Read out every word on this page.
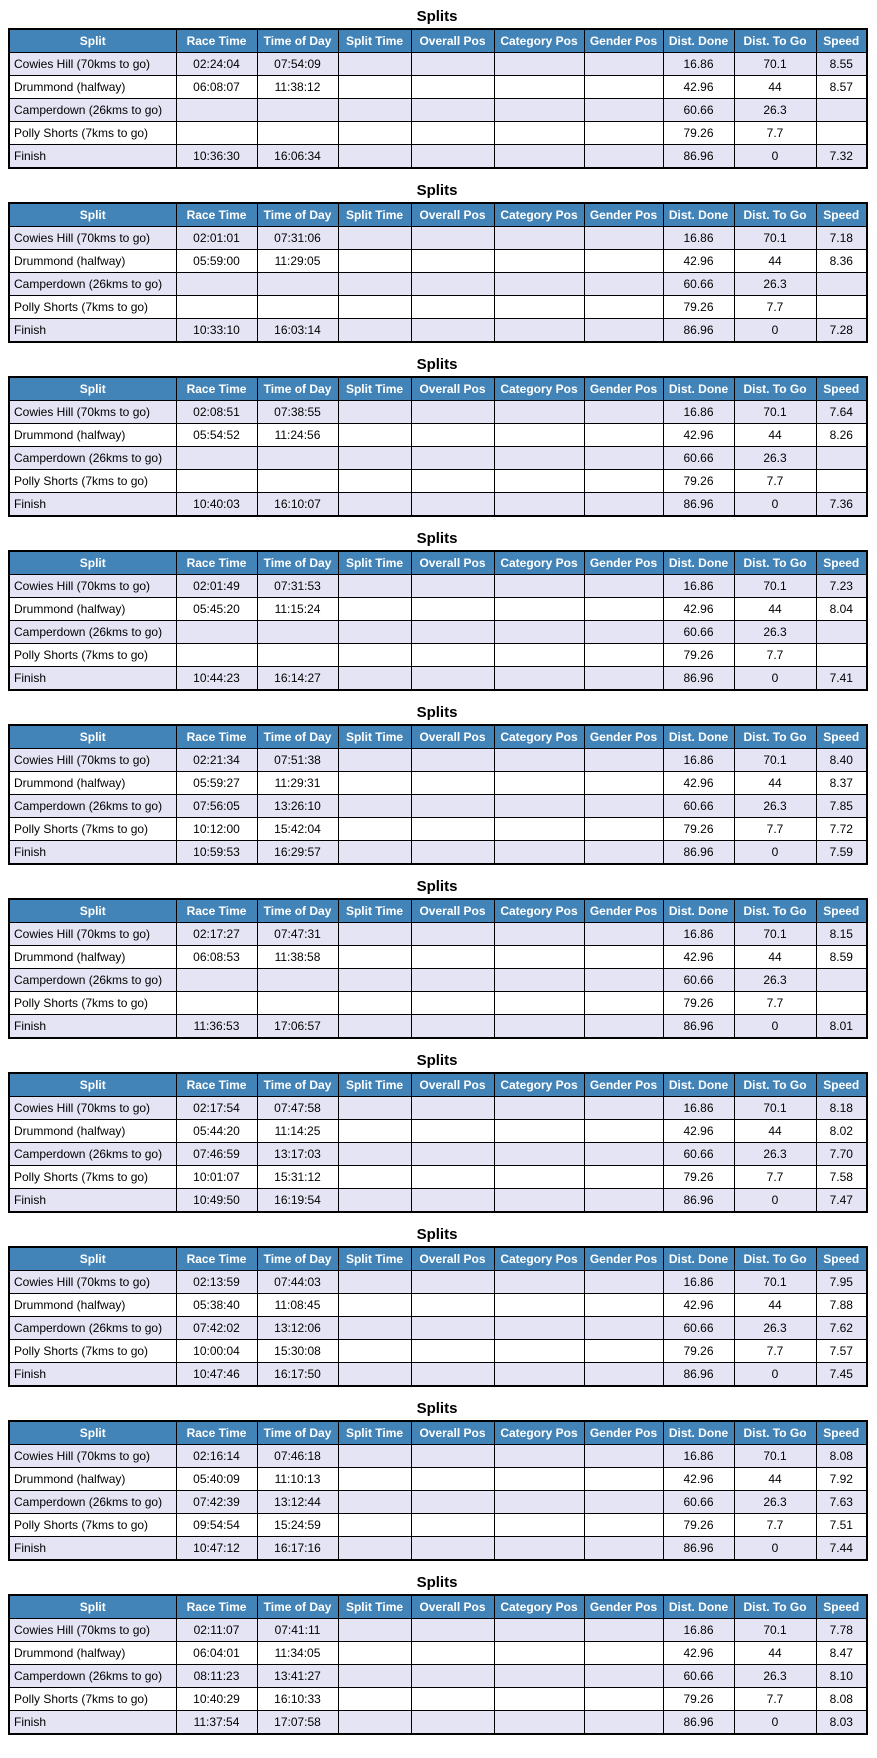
Splits
Split	Race Time	Time of Day	Split Time	Overall Pos	Category Pos	Gender Pos	Dist. Done	Dist. To Go	Speed
Cowies Hill (70kms to go)	02:24:04	07:54:09					16.86	70.1	8.55
Drummond (halfway)	06:08:07	11:38:12					42.96	44	8.57
Camperdown (26kms to go)							60.66	26.3	
Polly Shorts (7kms to go)							79.26	7.7	
Finish	10:36:30	16:06:34					86.96	0	7.32
Splits
Split	Race Time	Time of Day	Split Time	Overall Pos	Category Pos	Gender Pos	Dist. Done	Dist. To Go	Speed
Cowies Hill (70kms to go)	02:01:01	07:31:06					16.86	70.1	7.18
Drummond (halfway)	05:59:00	11:29:05					42.96	44	8.36
Camperdown (26kms to go)							60.66	26.3	
Polly Shorts (7kms to go)							79.26	7.7	
Finish	10:33:10	16:03:14					86.96	0	7.28
Splits
Split	Race Time	Time of Day	Split Time	Overall Pos	Category Pos	Gender Pos	Dist. Done	Dist. To Go	Speed
Cowies Hill (70kms to go)	02:08:51	07:38:55					16.86	70.1	7.64
Drummond (halfway)	05:54:52	11:24:56					42.96	44	8.26
Camperdown (26kms to go)							60.66	26.3	
Polly Shorts (7kms to go)							79.26	7.7	
Finish	10:40:03	16:10:07					86.96	0	7.36
Splits
Split	Race Time	Time of Day	Split Time	Overall Pos	Category Pos	Gender Pos	Dist. Done	Dist. To Go	Speed
Cowies Hill (70kms to go)	02:01:49	07:31:53					16.86	70.1	7.23
Drummond (halfway)	05:45:20	11:15:24					42.96	44	8.04
Camperdown (26kms to go)							60.66	26.3	
Polly Shorts (7kms to go)							79.26	7.7	
Finish	10:44:23	16:14:27					86.96	0	7.41
Splits
Split	Race Time	Time of Day	Split Time	Overall Pos	Category Pos	Gender Pos	Dist. Done	Dist. To Go	Speed
Cowies Hill (70kms to go)	02:21:34	07:51:38					16.86	70.1	8.40
Drummond (halfway)	05:59:27	11:29:31					42.96	44	8.37
Camperdown (26kms to go)	07:56:05	13:26:10					60.66	26.3	7.85
Polly Shorts (7kms to go)	10:12:00	15:42:04					79.26	7.7	7.72
Finish	10:59:53	16:29:57					86.96	0	7.59
Splits
Split	Race Time	Time of Day	Split Time	Overall Pos	Category Pos	Gender Pos	Dist. Done	Dist. To Go	Speed
Cowies Hill (70kms to go)	02:17:27	07:47:31					16.86	70.1	8.15
Drummond (halfway)	06:08:53	11:38:58					42.96	44	8.59
Camperdown (26kms to go)							60.66	26.3	
Polly Shorts (7kms to go)							79.26	7.7	
Finish	11:36:53	17:06:57					86.96	0	8.01
Splits
Split	Race Time	Time of Day	Split Time	Overall Pos	Category Pos	Gender Pos	Dist. Done	Dist. To Go	Speed
Cowies Hill (70kms to go)	02:17:54	07:47:58					16.86	70.1	8.18
Drummond (halfway)	05:44:20	11:14:25					42.96	44	8.02
Camperdown (26kms to go)	07:46:59	13:17:03					60.66	26.3	7.70
Polly Shorts (7kms to go)	10:01:07	15:31:12					79.26	7.7	7.58
Finish	10:49:50	16:19:54					86.96	0	7.47
Splits
Split	Race Time	Time of Day	Split Time	Overall Pos	Category Pos	Gender Pos	Dist. Done	Dist. To Go	Speed
Cowies Hill (70kms to go)	02:13:59	07:44:03					16.86	70.1	7.95
Drummond (halfway)	05:38:40	11:08:45					42.96	44	7.88
Camperdown (26kms to go)	07:42:02	13:12:06					60.66	26.3	7.62
Polly Shorts (7kms to go)	10:00:04	15:30:08					79.26	7.7	7.57
Finish	10:47:46	16:17:50					86.96	0	7.45
Splits
Split	Race Time	Time of Day	Split Time	Overall Pos	Category Pos	Gender Pos	Dist. Done	Dist. To Go	Speed
Cowies Hill (70kms to go)	02:16:14	07:46:18					16.86	70.1	8.08
Drummond (halfway)	05:40:09	11:10:13					42.96	44	7.92
Camperdown (26kms to go)	07:42:39	13:12:44					60.66	26.3	7.63
Polly Shorts (7kms to go)	09:54:54	15:24:59					79.26	7.7	7.51
Finish	10:47:12	16:17:16					86.96	0	7.44
Splits
Split	Race Time	Time of Day	Split Time	Overall Pos	Category Pos	Gender Pos	Dist. Done	Dist. To Go	Speed
Cowies Hill (70kms to go)	02:11:07	07:41:11					16.86	70.1	7.78
Drummond (halfway)	06:04:01	11:34:05					42.96	44	8.47
Camperdown (26kms to go)	08:11:23	13:41:27					60.66	26.3	8.10
Polly Shorts (7kms to go)	10:40:29	16:10:33					79.26	7.7	8.08
Finish	11:37:54	17:07:58					86.96	0	8.03
